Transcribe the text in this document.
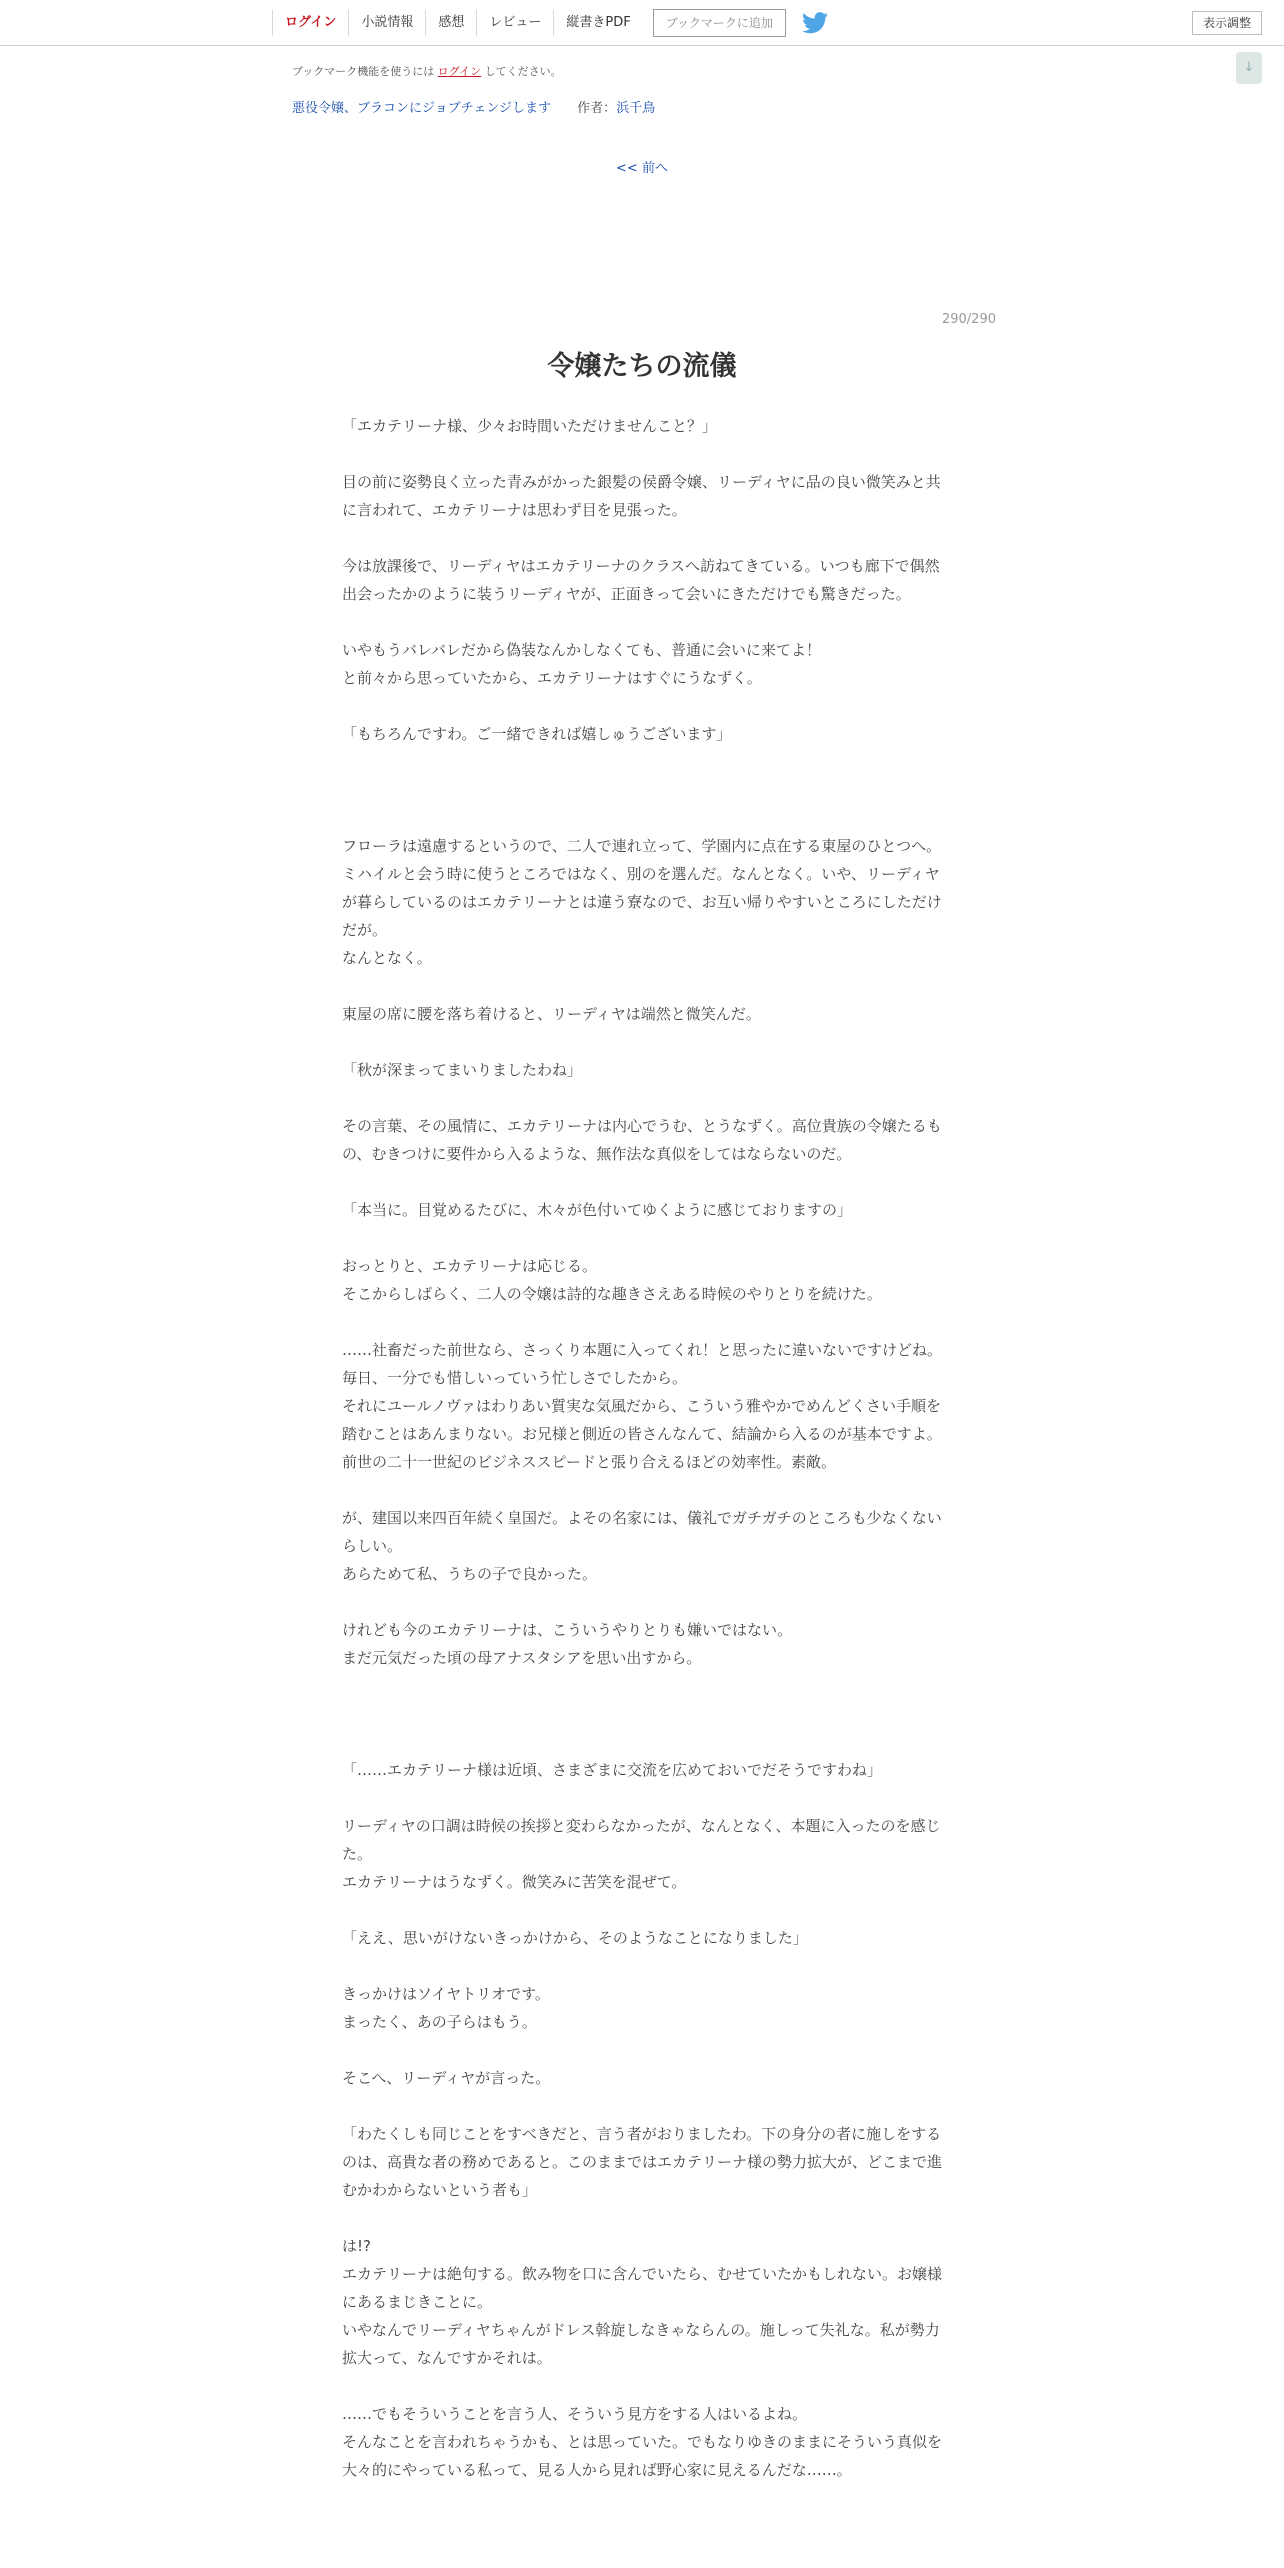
ログイン	小説情報	感想	レビュー	縦書きPDF	ブックマークに追加	表示調整
ブックマーク機能を使うには ログイン してください。	↓
悪役令嬢、ブラコンにジョブチェンジします 作者：浜千鳥
<< 前へ
290/290
令嬢たちの流儀

「エカテリーナ様、少々お時間いただけませんこと？」

目の前に姿勢良く立った青みがかった銀髪の侯爵令嬢、リーディヤに品の良い微笑みと共に言われて、エカテリーナは思わず目を見張った。

今は放課後で、リーディヤはエカテリーナのクラスへ訪ねてきている。いつも廊下で偶然出会ったかのように装うリーディヤが、正面きって会いにきただけでも驚きだった。

いやもうバレバレだから偽装なんかしなくても、普通に会いに来てよ！

と前々から思っていたから、エカテリーナはすぐにうなずく。

「もちろんですわ。ご一緒できれば嬉しゅうございます」

フローラは遠慮するというので、二人で連れ立って、学園内に点在する東屋のひとつへ。

ミハイルと会う時に使うところではなく、別のを選んだ。なんとなく。いや、リーディヤが暮らしているのはエカテリーナとは違う寮なので、お互い帰りやすいところにしただけだが。

なんとなく。

東屋の席に腰を落ち着けると、リーディヤは端然と微笑んだ。

「秋が深まってまいりましたわね」

その言葉、その風情に、エカテリーナは内心でうむ、とうなずく。高位貴族の令嬢たるもの、むきつけに要件から入るような、無作法な真似をしてはならないのだ。

「本当に。目覚めるたびに、木々が色付いてゆくように感じておりますの」

おっとりと、エカテリーナは応じる。

そこからしばらく、二人の令嬢は詩的な趣きさえある時候のやりとりを続けた。

……社畜だった前世なら、さっくり本題に入ってくれ！と思ったに違いないですけどね。毎日、一分でも惜しいっていう忙しさでしたから。

それにユールノヴァはわりあい質実な気風だから、こういう雅やかでめんどくさい手順を踏むことはあんまりない。お兄様と側近の皆さんなんて、結論から入るのが基本ですよ。前世の二十一世紀のビジネススピードと張り合えるほどの効率性。素敵。

が、建国以来四百年続く皇国だ。よその名家には、儀礼でガチガチのところも少なくないらしい。

あらためて私、うちの子で良かった。

けれども今のエカテリーナは、こういうやりとりも嫌いではない。

まだ元気だった頃の母アナスタシアを思い出すから。

「……エカテリーナ様は近頃、さまざまに交流を広めておいでだそうですわね」

リーディヤの口調は時候の挨拶と変わらなかったが、なんとなく、本題に入ったのを感じた。

エカテリーナはうなずく。微笑みに苦笑を混ぜて。

「ええ、思いがけないきっかけから、そのようなことになりました」

きっかけはソイヤトリオです。

まったく、あの子らはもう。

そこへ、リーディヤが言った。

「わたくしも同じことをすべきだと、言う者がおりましたわ。下の身分の者に施しをするのは、高貴な者の務めであると。このままではエカテリーナ様の勢力拡大が、どこまで進むかわからないという者も」

は!?

エカテリーナは絶句する。飲み物を口に含んでいたら、むせていたかもしれない。お嬢様にあるまじきことに。

いやなんでリーディヤちゃんがドレス斡旋しなきゃならんの。施しって失礼な。私が勢力拡大って、なんですかそれは。

……でもそういうことを言う人、そういう見方をする人はいるよね。

そんなことを言われちゃうかも、とは思っていた。でもなりゆきのままにそういう真似を大々的にやっている私って、見る人から見れば野心家に見えるんだな……。
